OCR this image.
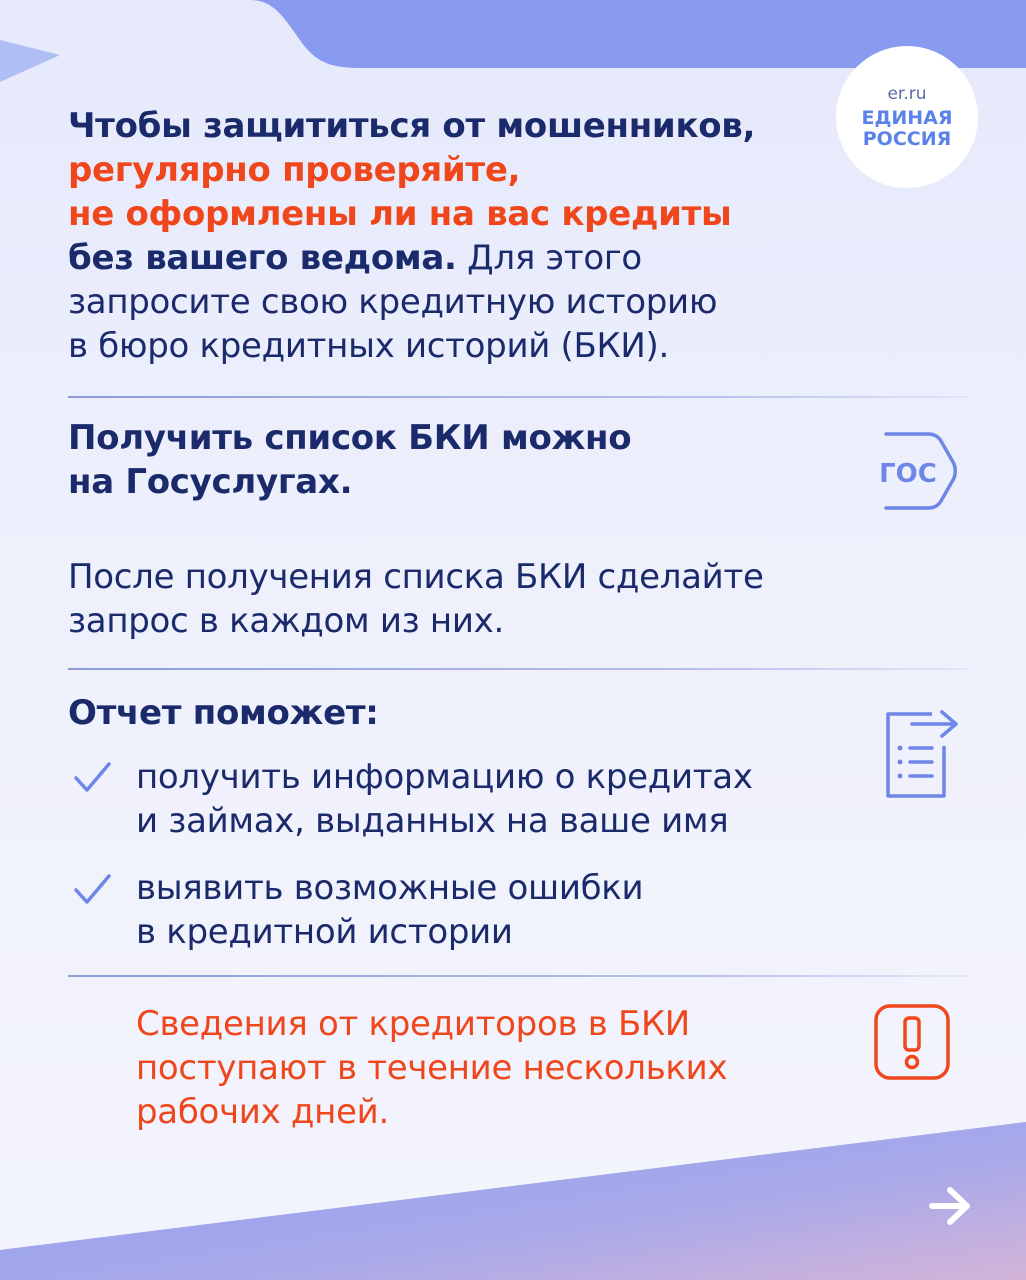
er.ru
ЕДИНАЯ
РОССИЯ

Чтобы защититься от мошенников,

регулярно проверяйте,

не оформлены ли на вас кредиты

без вашего ведома. Для этого

запросите свою кредитную историю

в бюро кредитных историй (БКИ).

Получить список БКИ можно

на Госуслугах.	ГОС

После получения списка БКИ сделайте

запрос в каждом из них.

Отчет поможет:

получить информацию о кредитах

и займах, выданных на ваше имя

выявить возможные ошибки

в кредитной истории

Сведения от кредиторов в БКИ

поступают в течение нескольких

рабочих дней.
